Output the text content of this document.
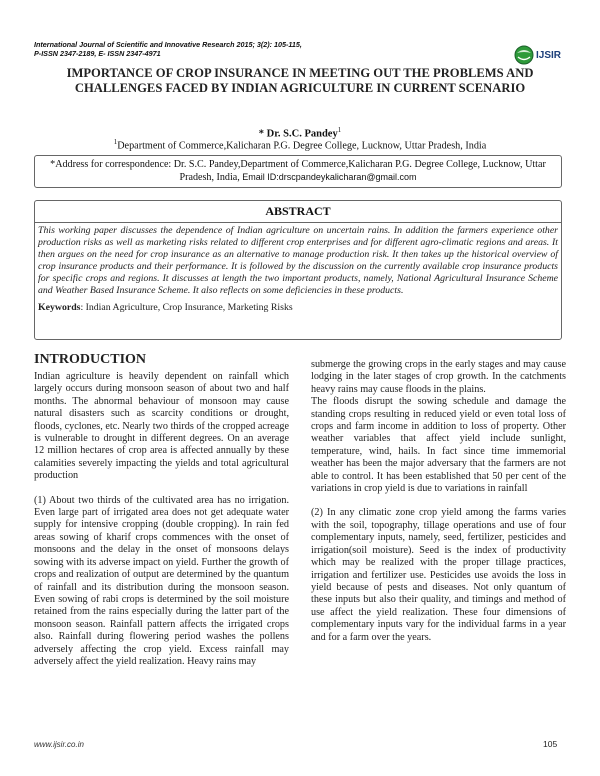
International Journal of Scientific and Innovative Research 2015; 3(2): 105-115,
P-ISSN 2347-2189, E- ISSN 2347-4971	IJSIR
IMPORTANCE OF CROP INSURANCE IN MEETING OUT THE PROBLEMS AND CHALLENGES FACED BY INDIAN AGRICULTURE IN CURRENT SCENARIO
* Dr. S.C. Pandey$^1$
$^1$Department of Commerce,Kalicharan P.G. Degree College, Lucknow, Uttar Pradesh, India
*Address for correspondence: Dr. S.C. Pandey,Department of Commerce,Kalicharan P.G. Degree College, Lucknow, Uttar Pradesh, India, Email ID:drscpandeykalicharan@gmail.com
ABSTRACT
This working paper discusses the dependence of Indian agriculture on uncertain rains. In addition the farmers experience other production risks as well as marketing risks related to different crop enterprises and for different agro-climatic regions and areas. It then argues on the need for crop insurance as an alternative to manage production risk. It then takes up the historical overview of crop insurance products and their performance. It is followed by the discussion on the currently available crop insurance products for specific crops and regions. It discusses at length the two important products, namely, National Agricultural Insurance Scheme and Weather Based Insurance Scheme. It also reflects on some deficiencies in these products.
Keywords: Indian Agriculture, Crop Insurance, Marketing Risks
INTRODUCTION

Indian agriculture is heavily dependent on rainfall which largely occurs during monsoon season of about two and half months. The abnormal behaviour of monsoon may cause natural disasters such as scarcity conditions or drought, floods, cyclones, etc. Nearly two thirds of the cropped acreage is vulnerable to drought in different degrees. On an average 12 million hectares of crop area is affected annually by these calamities severely impacting the yields and total agricultural production

(1) About two thirds of the cultivated area has no irrigation. Even large part of irrigated area does not get adequate water supply for intensive cropping (double cropping). In rain fed areas sowing of kharif crops commences with the onset of monsoons and the delay in the onset of monsoons delays sowing with its adverse impact on yield. Further the growth of crops and realization of output are determined by the quantum of rainfall and its distribution during the monsoon season. Even sowing of rabi crops is determined by the soil moisture retained from the rains especially during the latter part of the monsoon season. Rainfall pattern affects the irrigated crops also. Rainfall during flowering period washes the pollens adversely affecting the crop yield. Excess rainfall may adversely affect the yield realization. Heavy rains may

submerge the growing crops in the early stages and may cause lodging in the later stages of crop growth. In the catchments heavy rains may cause floods in the plains.

The floods disrupt the sowing schedule and damage the standing crops resulting in reduced yield or even total loss of crops and farm income in addition to loss of property. Other weather variables that affect yield include sunlight, temperature, wind, hails. In fact since time immemorial weather has been the major adversary that the farmers are not able to control. It has been established that 50 per cent of the variations in crop yield is due to variations in rainfall

(2) In any climatic zone crop yield among the farms varies with the soil, topography, tillage operations and use of four complementary inputs, namely, seed, fertilizer, pesticides and irrigation(soil moisture). Seed is the index of productivity which may be realized with the proper tillage practices, irrigation and fertilizer use. Pesticides use avoids the loss in yield because of pests and diseases. Not only quantum of these inputs but also their quality, and timings and method of use affect the yield realization. These four dimensions of complementary inputs vary for the individual farms in a year and for a farm over the years.

www.ijsir.co.in	105
